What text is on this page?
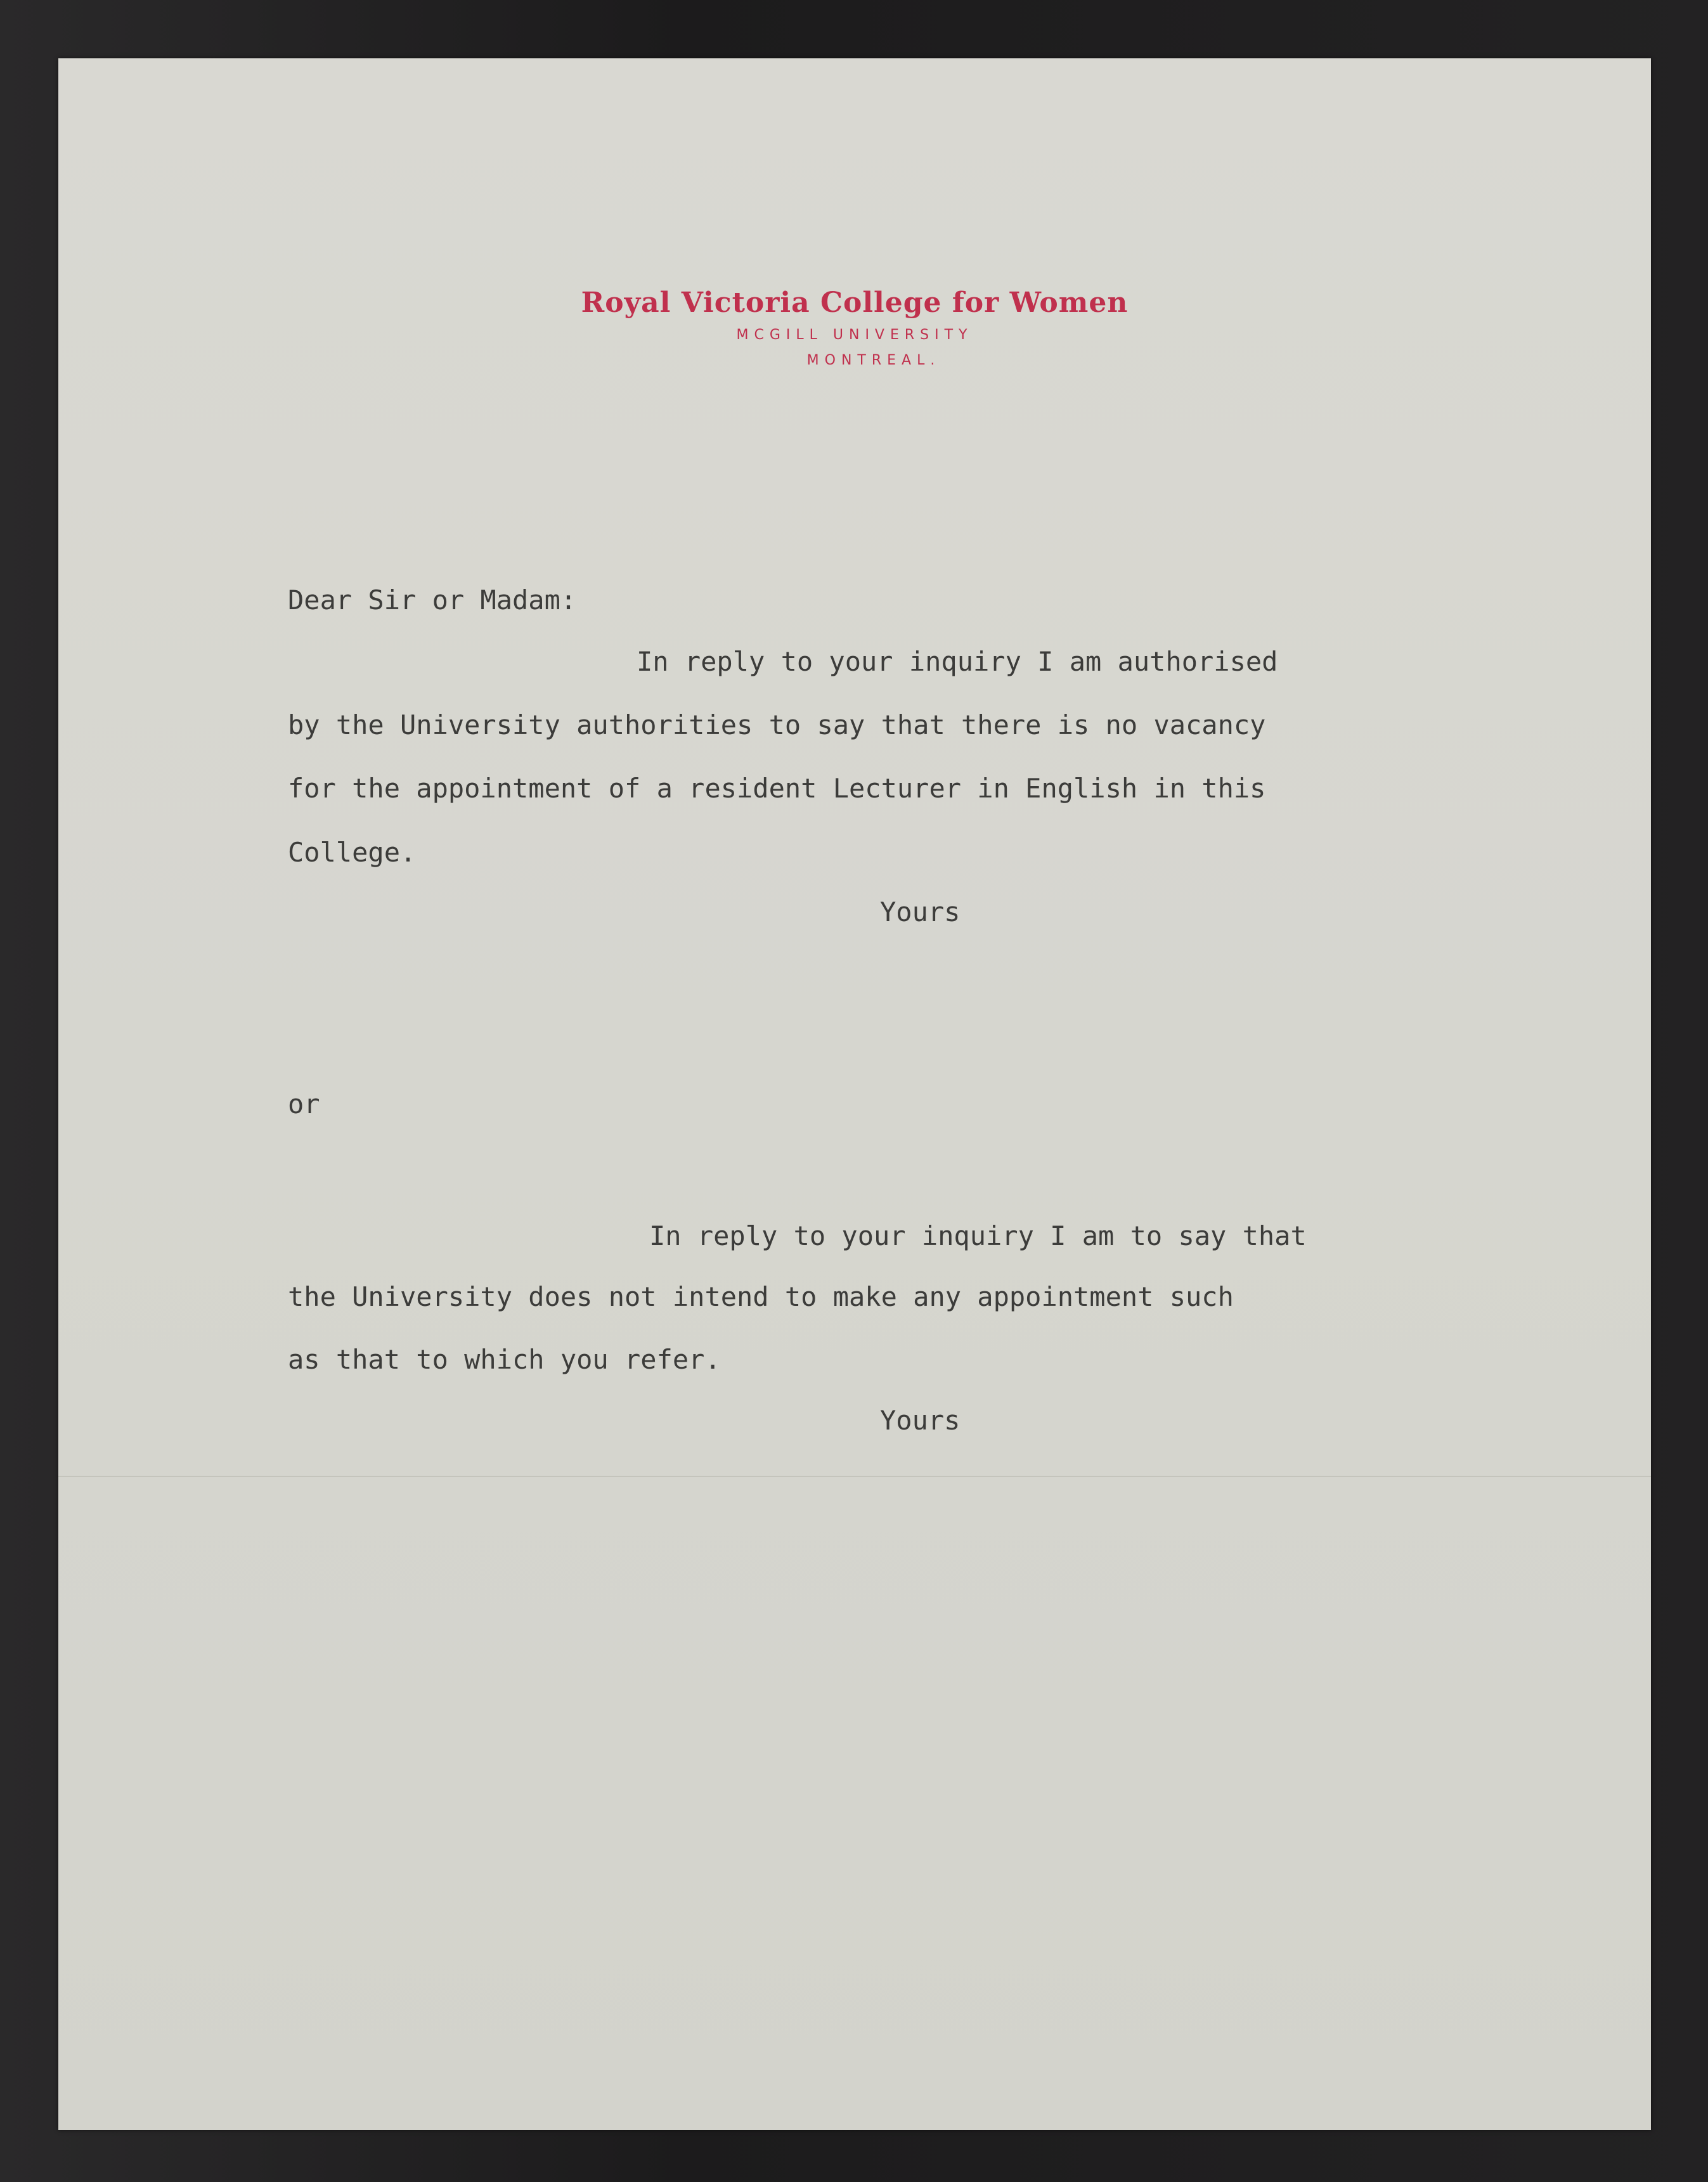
Royal Victoria College for Women
MCGILL UNIVERSITY
MONTREAL.
Dear Sir or Madam:
In reply to your inquiry I am authorised
by the University authorities to say that there is no vacancy
for the appointment of a resident Lecturer in English in this
College.
Yours
or
In reply to your inquiry I am to say that
the University does not intend to make any appointment such
as that to which you refer.
Yours
